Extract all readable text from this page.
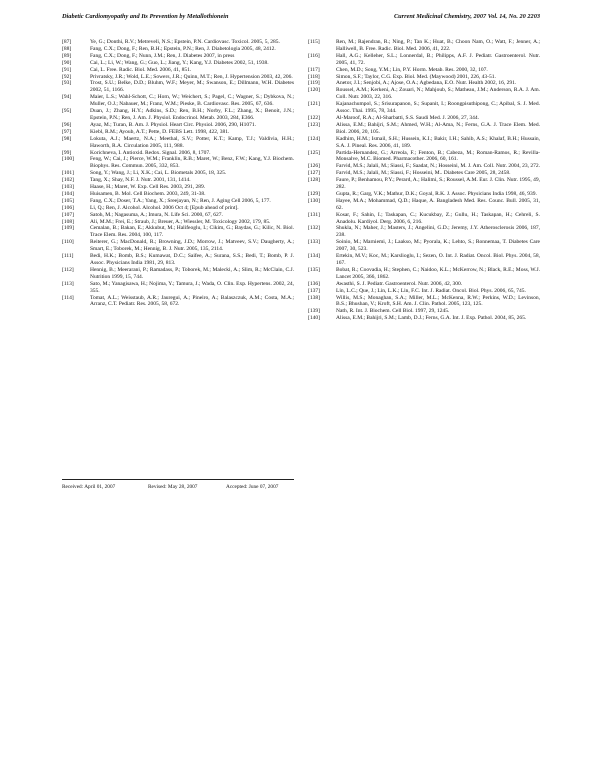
Diabetic Cardiomyopathy and Its Prevention by Metallothionein	Current Medicinal Chemistry, 2007 Vol. 14, No. 20 2203
[87]	Ye, G.; Donthi, R.V.; Metreveli, N.S.; Epstein, P.N. Cardiovasc. Toxicol. 2005, 5, 285.
[88]	Fang, C.X.; Dong, F.; Ren, B.H.; Epstein, P.N.; Ren, J. Diabetologia 2005, 48, 2412.
[89]	Fang, C.X.; Dong, F.; Nunn, J.M.; Ren, J. Diabetes 2007, in press
[90]	Cai, L.; Li, W.; Wang, G.; Guo, L.; Jiang, Y.; Kang, Y.J. Diabetes 2002, 51, 1938.
[91]	Cai, L. Free. Radic. Biol. Med. 2006, 41, 851.
[92]	Privratsky, J.R.; Wold, L.E.; Sowers, J.R.; Quinn, M.T.; Ren, J. Hypertension 2003, 42, 206.
[93]	Trost, S.U.; Belke, D.D.; Bluhm, W.F.; Meyer, M.; Swanson, E.; Dillmann, W.H. Diabetes 2002, 51, 1166.
[94]	Maier, L.S.; Wahl-Schott, C.; Horn, W.; Weichert, S.; Pagel, C.; Wagner, S.; Dybkova, N.; Muller, O.J.; Nabauer, M.; Franz, W.M.; Pieske, B. Cardiovasc. Res. 2005, 67, 636.
[95]	Duan, J.; Zhang, H.Y.; Adkins, S.D.; Ren, B.H.; Norby, F.L.; Zhang, X.; Benoit, J.N.; Epstein, P.N.; Ren, J. Am. J. Physiol. Endocrinol. Metab. 2003, 284, E366.
[96]	Ayaz, M.; Turan, B. Am. J. Physiol. Heart Circ. Physiol. 2006, 290, H1071.
[97]	Kiebl, R.M.; Ayoub, A.T.; Pette, D. FEBS Lett. 1998, 422, 381.
[98]	Lokuta, A.J.; Maertz, N.A.; Meethal, S.V.; Potter, K.T.; Kamp, T.J.; Valdivia, H.H.; Haworth, R.A. Circulation 2005, 111, 988.
[99]	Korichneva, I. Antioxid. Redox. Signal. 2006, 8, 1707.
[100]	Feng, W.; Cai, J.; Pierce, W.M.; Franklin, R.B.; Maret, W.; Benz, F.W.; Kang, Y.J. Biochem. Biophys. Res. Commun. 2005, 332, 853.
[101]	Song, Y.; Wang, J.; Li, X.K.; Cai, L. Biometals 2005, 18, 325.
[102]	Tang, X.; Shay, N.F. J. Nutr. 2001, 131, 1414.
[103]	Haase, H.; Maret, W. Exp. Cell Res. 2003, 291, 289.
[104]	Huisamen, B. Mol. Cell Biochem. 2003, 249, 31-38.
[105]	Fang, C.X.; Doser, T.A.; Yang, X.; Sreejayan, N.; Ren, J. Aging Cell 2006, 5, 177.
[106]	Li, Q.; Ren, J. Alcohol. Alcohol. 2006 Oct 4; [Epub ahead of print].
[107]	Satoh, M.; Nagasuma, A.; Imura, N. Life Sci. 2000, 67, 627.
[108]	Ali, M.M.; Frei, E.; Straub, J.; Breuer, A.; Wiessler, M. Toxicology 2002, 179, 85.
[109]	Cemalan, B.; Bakan, E.; Akkubut, M.; Halifeoglu, I.; Cikim, G.; Baydas, G.; Kilic, N. Biol. Trace Elem. Res. 2004, 100, 117.
[110]	Reiterer, G.; MacDonald, R.; Browning, J.D.; Morrow, J.; Matveev, S.V.; Daugherty, A.; Smart, E.; Toborek, M.; Hennig, B. J. Nutr. 2005, 135, 2114.
[111]	Bedi, H.K.; Bomb, B.S.; Kumawat, D.C.; Saifee, A.; Surana, S.S.; Bedi, T.; Bomb, P. J. Assoc. Physicians India 1981, 29, 813.
[112]	Hennig, B.; Meerarani, P.; Ramadass, P.; Toborek, M.; Malecki, A.; Slim, R.; McClain, C.J. Nutrition 1999, 15, 744.
[113]	Sato, M.; Yanagisawa, H.; Nojima, Y.; Tamura, J.; Wada, O. Clin. Exp. Hypertens. 2002, 24, 355.
[114]	Tomat, A.L.; Weisstaub, A.R.; Jauregui, A.; Pineiro, A.; Balaszczuk, A.M.; Costa, M.A.; Arranz, C.T. Pediatr. Res. 2005, 58, 672.
[115]	Ren, M.; Rajendran, R.; Ning, P.; Tan K.; Huat, B.; Choon Nam, O.; Watt, F.; Jenner, A.; Halliwell, B. Free. Radic. Biol. Med. 2006, 41, 222.
[116]	Hall, A.G.; Kelleher, S.L.; Lonnerdal, B.; Philipps, A.F. J. Pediatr. Gastroenterol. Nutr. 2005, 41, 72.
[117]	Chen, M.D.; Song, Y.M.; Lin, P.Y. Horm. Metab. Res. 2000, 32, 107.
[118]	Simon, S.F.; Taylor, C.G. Exp. Biol. Med. (Maywood) 2001, 226, 43-51.
[119]	Anetor, J.I.; Senjobi, A.; Ajose, O.A.; Agbedana, E.O. Nutr. Health 2002, 16, 291.
[120]	Roussel, A.M.; Kerkeni, A.; Zouari, N.; Mahjoub, S.; Matheau, J.M.; Anderson, R.A. J. Am. Coll. Nutr. 2003, 22, 316.
[121]	Kajanachumpol, S.; Srisurapanon, S.; Supanit, I.; Roongpisuthipong, C.; Apibal, S. J. Med. Assoc. Thai. 1995, 78, 344.
[122]	Al-Maroof, R.A.; Al-Sharbatti, S.S. Saudi Med. J. 2006, 27, 344.
[123]	Alissa, E.M.; Bahijri, S.M.; Ahmed, W.H.; Al-Ama, N.; Ferns, G.A. J. Trace Elem. Med. Biol. 2006, 20, 105.
[124]	Kadhim, H.M.; Ismail, S.H.; Hussein, K.I.; Bakir, I.H.; Sahib, A.S.; Khalaf, B.H.; Hussain, S.A. J. Pineal. Res. 2006, 41, 189.
[125]	Partida-Hernandez, G.; Arreola, F.; Fenton, B.; Cabeza, M.; Roman-Ramos, R.; Revilla-Monsalve, M.C. Biomed. Pharmacother. 2006, 60, 161.
[126]	Farvid, M.S.; Jalali, M.; Siassi, F.; Saadat, N.; Hosseini, M. J. Am. Coll. Nutr. 2004, 23, 272.
[127]	Farvid, M.S.; Jalali, M.; Siassi, F.; Hosseini, M.. Diabetes Care 2005, 28, 2458.
[128]	Faure, P.; Benhamou, P.Y.; Perard, A.; Halimi, S.; Roussel, A.M. Eur. J. Clin. Nutr. 1995, 49, 282.
[129]	Gupta, R.; Garg, V.K.; Mathur, D.K.; Goyal, R.K. J. Assoc. Physicians India 1998, 46, 939.
[130]	Hayee, M.A.; Mohammad, Q.D.; Haque, A. Bangladesh Med. Res. Counc. Bull. 2005, 31, 62.
[131]	Kosar, F.; Sahin, I.; Taskapan, C.; Kucukbay, Z.; Gullu, H.; Taskapan, H.; Cehreli, S. Anadolu. Kardiyol. Derg. 2006, 6, 216.
[132]	Shukla, N.; Maher, J.; Masters, J.; Angelini, G.D.; Jeremy, J.Y. Atherosclerosis 2006, 187, 238.
[133]	Soinio, M.; Marniemi, J.; Laakso, M.; Pyorala, K.; Lehto, S.; Ronnemaa, T. Diabetes Care 2007, 30, 523.
[134]	Ertekin, M.V.; Koc, M.; Karslioglu, I.; Sezen, O. Int. J. Radiat. Oncol. Biol. Phys. 2004, 58, 167.
[135]	Bobat, R.; Coovadia, H.; Stephen, C.; Naidoo, K.L.; McKerrow, N.; Black, R.E.; Moss, W.J. Lancet 2005, 366, 1862.
[136]	Awasthi, S. J. Pediatr. Gastroenterol. Nutr. 2006, 42, 300.
[137]	Lin, L.C.; Que, J.; Lin, L.K.; Lin, F.C. Int. J. Radiat. Oncol. Biol. Phys. 2006, 65, 745.
[138]	Willis, M.S.; Monaghan, S.A.; Miller, M.L.; McKenna, R.W.; Perkins, W.D.; Levinson, B.S.; Bhushan, V.; Kroft, S.H. Am. J. Clin. Pathol. 2005, 123, 125.
[139]	Nath, R. Int. J. Biochem. Cell Biol. 1997, 29, 1245.
[140]	Alissa, E.M.; Bahijri, S.M.; Lamb, D.J.; Ferns, G.A. Int. J. Exp. Pathol. 2004, 85, 265.
Received: April 01, 2007	Revised: May 28, 2007	Accepted: June 07, 2007
